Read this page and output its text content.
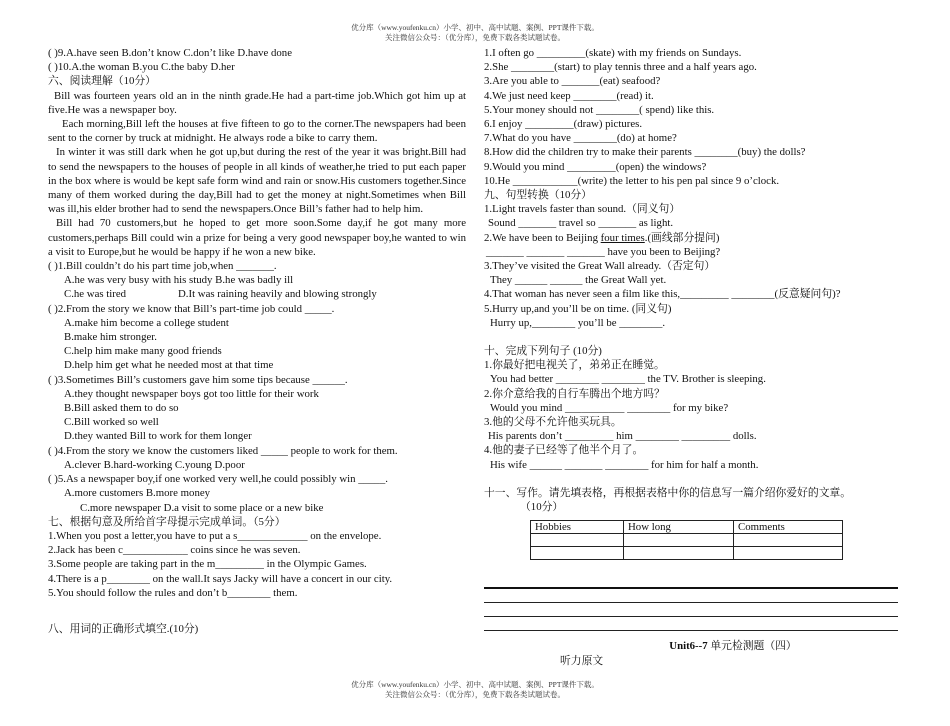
优分库（www.youfenku.cn）小学、初中、高中试题、案例、PPT课件下载。
关注微信公众号：（优分库），免费下载各类试题试卷。
( )9.A.have seen B.don’t know C.don’t like D.have done
( )10.A.the woman B.you C.the baby D.her
六、阅读理解（10分）
Bill was fourteen years old an in the ninth grade.He had a part-time job.Which got him up at five.He was a newspaper boy.
Each morning,Bill left the houses at five fifteen to go to the corner.The newspapers had been sent to the corner by truck at midnight. He always rode a bike to carry them.
In winter it was still dark when he got up,but during the rest of the year it was bright.Bill had to send the newspapers to the houses of people in all kinds of weather,he tried to put each paper in the box where is would be kept safe form wind and rain or snow.His customers together.Since many of them worked during the day,Bill had to get the money at night.Sometimes when Bill was ill,his elder brother had to send the newspapers.Once Bill’s father had to help him.
Bill had 70 customers,but he hoped to get more soon.Some day,if he got many more customers,perhaps Bill could win a prize for being a very good newspaper boy,he wanted to win a visit to Europe,but he would be happy if he won a new bike.
( )1.Bill couldn’t do his part time job,when _______.
A.he was very busy with his study B.he was badly ill
C.he was tired	D.It was raining heavily and blowing strongly
( )2.From the story we know that Bill’s part-time job could _____.
A.make him become a college student
B.make him stronger.
C.help him make many good friends
D.help him get what he needed most at that time
( )3.Sometimes Bill’s customers gave him some tips because ______.
A.they thought newspaper boys got too little for their work
B.Bill asked them to do so
C.Bill worked so well
D.they wanted Bill to work for them longer
( )4.From the story we know the customers liked _____ people to work for them.
A.clever B.hard-working C.young D.poor
( )5.As a newspaper boy,if one worked very well,he could possibly win _____.
A.more customers B.more money
C.more newspaper D.a visit to some place or a new bike
七、根据句意及所给首字母提示完成单词。（5分）
1.When you post a letter,you have to put a s_____________ on the envelope.
2.Jack has been c____________ coins since he was seven.
3.Some people are taking part in the m_________ in the Olympic Games.
4.There is a p________ on the wall.It says Jacky will have a concert in our city.
5.You should follow the rules and don’t b________ them.
八、用词的正确形式填空.(10分)
1.I often go _________(skate) with my friends on Sundays.
2.She ________(start) to play tennis three and a half years ago.
3.Are you able to _______(eat) seafood?
4.We just need keep ________(read) it.
5.Your money should not ________( spend) like this.
6.I enjoy _________(draw) pictures.
7.What do you have ________(do) at home?
8.How did the children try to make their parents ________(buy) the dolls?
9.Would you mind _________(open) the windows?
10.He ____________(write) the letter to his pen pal since 9 o’clock.
九、句型转换（10分）
1.Light travels faster than sound.（同义句）
Sound _______ travel so _______ as light.
2.We have been to Beijing four times.(画线部分提问)
_______ _______ _______ have you been to Beijing?
3.They’ve visited the Great Wall already.（否定句）
They ______ ______ the Great Wall yet.
4.That woman has never seen a film like this,_________ ________(反意疑问句)?
5.Hurry up,and you’ll be on time. (同义句)
Hurry up,________ you’ll be ________.
十、完成下列句子 (10分)
1.你最好把电视关了，弟弟正在睡觉。
You had better ________ ________ the TV. Brother is sleeping.
2.你介意给我的自行车腾出个地方吗？
Would you mind ___________ ________ for my bike?
3.他的父母不允许他买玩具。
His parents don’t _________ him ________ _________ dolls.
4.他的妻子已经等了他半个月了。
His wife ______ _______ ________ for him for half a month.
十一、写作。请先填表格，再根据表格中你的信息写一篇介绍你爱好的文章。
（10分）
Hobbies	How long	Comments

Unit6--7 单元检测题（四）
听力原文
优分库（www.youfenku.cn）小学、初中、高中试题、案例、PPT课件下载。
关注微信公众号：（优分库），免费下载各类试题试卷。
